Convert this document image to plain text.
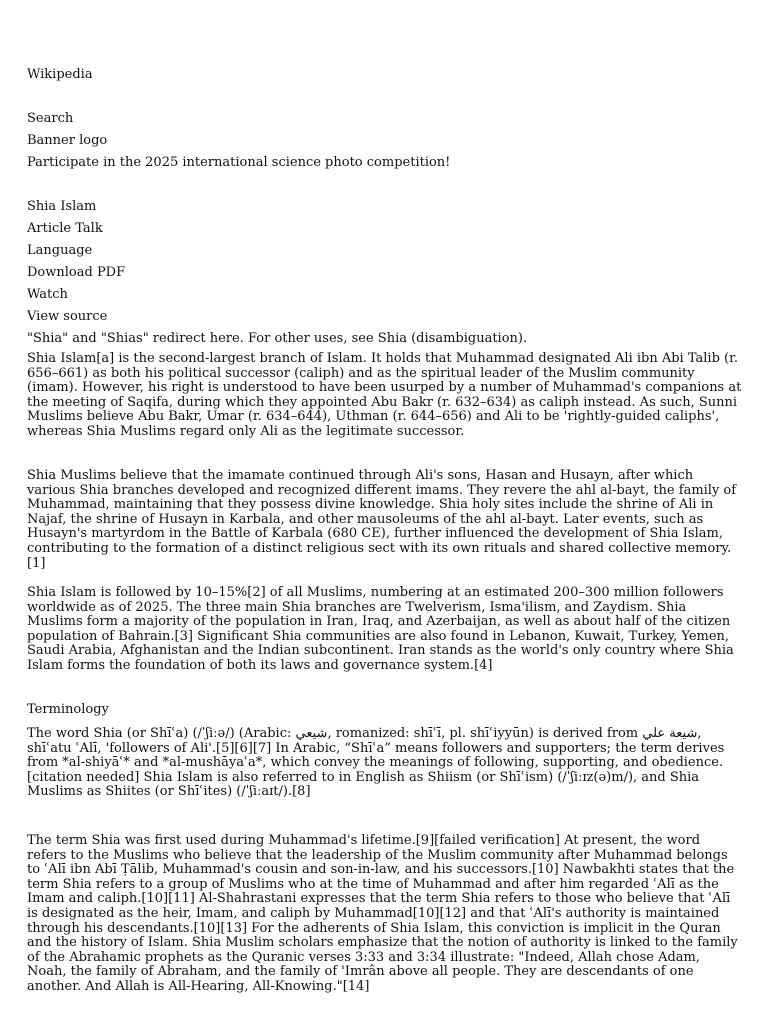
Wikipedia
Search
Banner logo
Participate in the 2025 international science photo competition!
Shia Islam
Article Talk
Language
Download PDF
Watch
View source
"Shia" and "Shias" redirect here. For other uses, see Shia (disambiguation).

Shia Islam[a] is the second-largest branch of Islam. It holds that Muhammad designated Ali ibn Abi Talib (r. 656–661) as both his political successor (caliph) and as the spiritual leader of the Muslim community (imam). However, his right is understood to have been usurped by a number of Muhammad's companions at the meeting of Saqifa, during which they appointed Abu Bakr (r. 632–634) as caliph instead. As such, Sunni Muslims believe Abu Bakr, Umar (r. 634–644), Uthman (r. 644–656) and Ali to be 'rightly-guided caliphs', whereas Shia Muslims regard only Ali as the legitimate successor.

Shia Muslims believe that the imamate continued through Ali's sons, Hasan and Husayn, after which various Shia branches developed and recognized different imams. They revere the ahl al-bayt, the family of Muhammad, maintaining that they possess divine knowledge. Shia holy sites include the shrine of Ali in Najaf, the shrine of Husayn in Karbala, and other mausoleums of the ahl al-bayt. Later events, such as Husayn's martyrdom in the Battle of Karbala (680 CE), further influenced the development of Shia Islam, contributing to the formation of a distinct religious sect with its own rituals and shared collective memory.[1]

Shia Islam is followed by 10–15%[2] of all Muslims, numbering at an estimated 200–300 million followers worldwide as of 2025. The three main Shia branches are Twelverism, Isma'ilism, and Zaydism. Shia Muslims form a majority of the population in Iran, Iraq, and Azerbaijan, as well as about half of the citizen population of Bahrain.[3] Significant Shia communities are also found in Lebanon, Kuwait, Turkey, Yemen, Saudi Arabia, Afghanistan and the Indian subcontinent. Iran stands as the world's only country where Shia Islam forms the foundation of both its laws and governance system.[4]

Terminology

The word Shia (or Shīʿa) (/ˈʃiːə/) (Arabic: شيعي, romanized: shīʿī, pl. shīʿiyyūn) is derived from شيعة علي, shīʿatu ʿAlī, 'followers of Ali'.[5][6][7] In Arabic, “Shīʿa” means followers and supporters; the term derives from *al-shiyāʿ* and *al-mushāyaʿa*, which convey the meanings of following, supporting, and obedience.[citation needed] Shia Islam is also referred to in English as Shiism (or Shīʿism) (/ˈʃiːɪz(ə)m/), and Shia Muslims as Shiites (or Shīʿites) (/ˈʃiːaɪt/).[8]

The term Shia was first used during Muhammad's lifetime.[9][failed verification] At present, the word refers to the Muslims who believe that the leadership of the Muslim community after Muhammad belongs to ʿAlī ibn Abī Ṭālib, Muhammad's cousin and son-in-law, and his successors.[10] Nawbakhti states that the term Shia refers to a group of Muslims who at the time of Muhammad and after him regarded ʿAlī as the Imam and caliph.[10][11] Al-Shahrastani expresses that the term Shia refers to those who believe that ʿAlī is designated as the heir, Imam, and caliph by Muhammad[10][12] and that ʿAlī's authority is maintained through his descendants.[10][13] For the adherents of Shia Islam, this conviction is implicit in the Quran and the history of Islam. Shia Muslim scholars emphasize that the notion of authority is linked to the family of the Abrahamic prophets as the Quranic verses 3:33 and 3:34 illustrate: "Indeed, Allah chose Adam, Noah, the family of Abraham, and the family of 'Imrân above all people. They are descendants of one another. And Allah is All-Hearing, All-Knowing."[14]
